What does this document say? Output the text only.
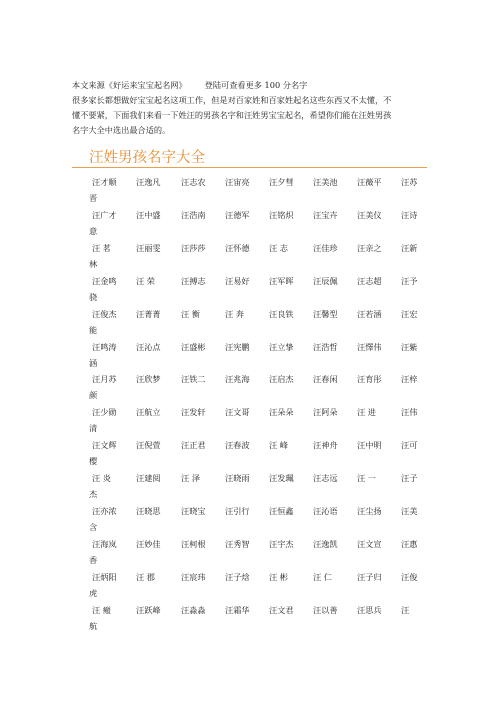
本文来源《好运来宝宝起名网》 登陆可查看更多 100 分名字
很多家长都想做好宝宝起名这项工作，但是对百家姓和百家姓起名这些东西又不太懂，不
懂不要紧，下面我们来看一下姓汪的男孩名字和汪姓男宝宝起名，希望你们能在汪姓男孩
名字大全中选出最合适的。
汪姓男孩名字大全
汪才顺 汪逸凡 汪志农 汪宙亮 汪夕彗 汪美池 汪薇平 汪苏
晋
汪广才 汪中盛 汪浩南 汪德军 汪铭炽 汪宝卉 汪美仪 汪诗
意
汪 茗	汪丽雯 汪莎莎 汪怀德 汪 志	汪佳珍 汪亲之 汪新
林
汪金鸣 汪 荣	汪搏志 汪易好 汪军晖 汪辰佩 汪志超 汪予
骁
汪俊杰 汪菁菁 汪 衡	汪 奔	汪良铁 汪馨型 汪若涵 汪宏
能
汪鸣涛 汪沁点 汪盛彬 汪宪鹏 汪立挚 汪浩哲 汪懌伟 汪紫
涵
汪月苏 汪欣梦 汪铁二 汪兆海 汪启杰 汪春闲 汪育彤 汪梓
颜
汪少勋 汪航立 汪发轩 汪文哥 汪朵朵 汪阿朵 汪 进	汪伟
清
汪文辉 汪倪萱 汪正君 汪春波 汪 峰	汪神舟 汪中明 汪可
樱
汪 炎	汪建阅 汪 泽	汪晓雨 汪发珮 汪志远 汪 一	汪子
杰
汪亦浓 汪晓思 汪晓宝 汪引行 汪恒鑫 汪沁语 汪尘扬 汪美
含
汪海岚 汪妙佳 汪柯根 汪秀智 汪宇杰 汪逸凯 汪文宣 汪惠
香
汪炳阳 汪 郡	汪宸玮 汪子焓 汪 彬	汪 仁	汪子归 汪俊
虎
汪 瘢	汪跃峰 汪淼淼 汪霜华 汪文君 汪以善 汪思兵 汪
航
